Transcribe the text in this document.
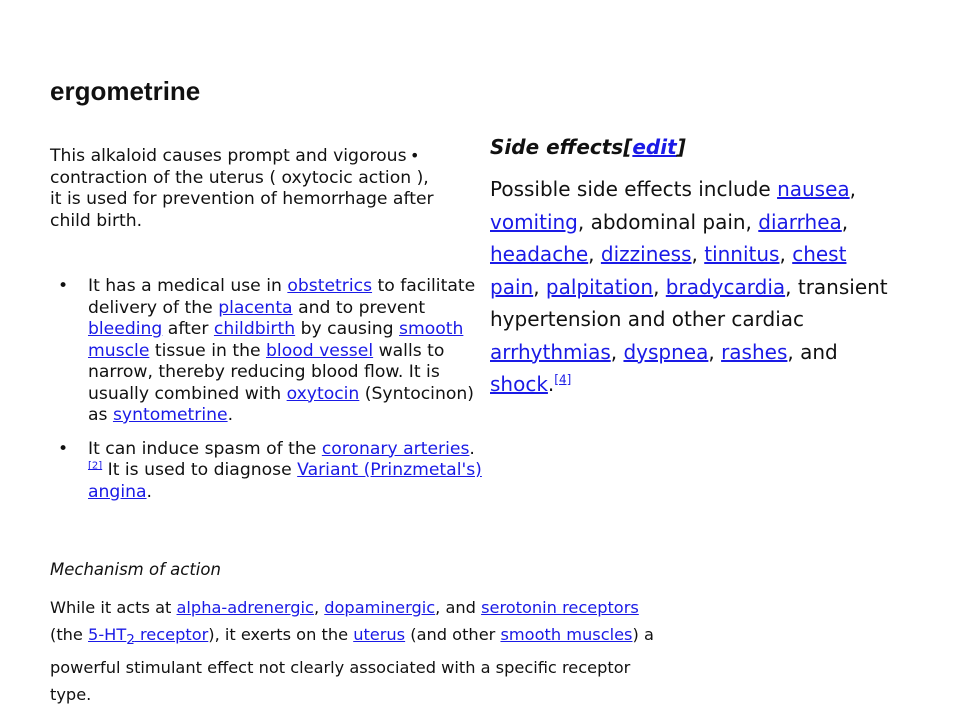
ergometrine

This alkaloid causes prompt and vigorous contraction of the uterus ( oxytocic action ), it is used for prevention of hemorrhage after child birth.

•
• It has a medical use in obstetrics to facilitate delivery of the placenta and to prevent bleeding after childbirth by causing smooth muscle tissue in the blood vessel walls to narrow, thereby reducing blood flow. It is usually combined with oxytocin (Syntocinon) as syntometrine.
• It can induce spasm of the coronary arteries.[2] It is used to diagnose Variant (Prinzmetal's) angina.

Mechanism of action

While it acts at alpha-adrenergic, dopaminergic, and serotonin receptors (the $5-HT_2$ receptor), it exerts on the uterus (and other smooth muscles) a powerful stimulant effect not clearly associated with a specific receptor type.

Side effects[edit]

Possible side effects include nausea, vomiting, abdominal pain, diarrhea, headache, dizziness, tinnitus, chest pain, palpitation, bradycardia, transient hypertension and other cardiac arrhythmias, dyspnea, rashes, and shock.[4]
